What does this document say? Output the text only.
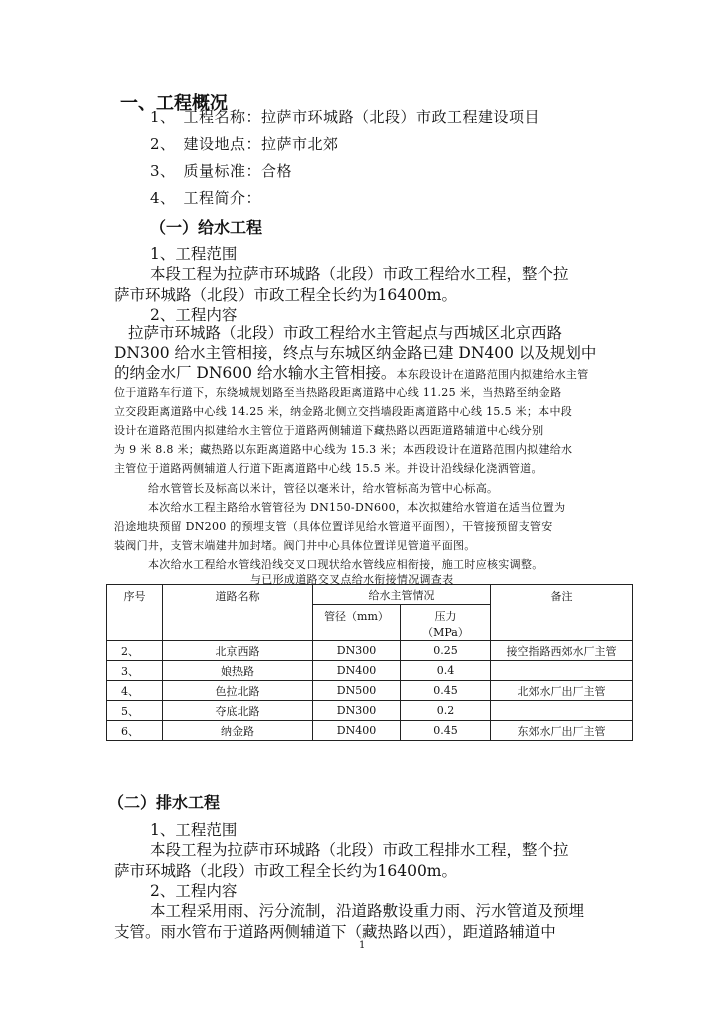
一、工程概况
1、　工程名称：拉萨市环城路（北段）市政工程建设项目
2、　建设地点：拉萨市北郊
3、　质量标准：合格
4、　工程简介：
（一）给水工程
1、工程范围
本段工程为拉萨市环城路（北段）市政工程给水工程，整个拉
萨市环城路（北段）市政工程全长约为16400m。
2、工程内容
拉萨市环城路（北段）市政工程给水主管起点与西城区北京西路
DN300 给水主管相接，终点与东城区纳金路已建 DN400 以及规划中
的纳金水厂 DN600 给水输水主管相接。本东段设计在道路范围内拟建给水主管
位于道路车行道下，东绕城规划路至当热路段距离道路中心线 11.25 米，当热路至纳金路
立交段距离道路中心线 14.25 米，纳金路北侧立交挡墙段距离道路中心线 15.5 米；本中段
设计在道路范围内拟建给水主管位于道路两侧辅道下藏热路以西距道路辅道中心线分别
为 9 米 8.8 米；藏热路以东距离道路中心线为 15.3 米；本西段设计在道路范围内拟建给水
主管位于道路两侧辅道人行道下距离道路中心线 15.5 米。并设计沿线绿化浇洒管道。
给水管管长及标高以米计，管径以毫米计，给水管标高为管中心标高。
本次给水工程主路给水管管径为 DN150-DN600，本次拟建给水管道在适当位置为
沿途地块预留 DN200 的预埋支管（具体位置详见给水管道平面图），干管接预留支管安
装阀门井，支管末端建井加封堵。阀门井中心具体位置详见管道平面图。
本次给水工程给水管线沿线交叉口现状给水管线应相衔接，施工时应核实调整。
与已形成道路交叉点给水衔接情况调查表
序号	道路名称	给水主管情况		备注
		管径（mm）	压力（MPa）	
2、	北京西路	DN300	0.25	接空指路西郊水厂主管
3、	娘热路	DN400	0.4	
4、	色拉北路	DN500	0.45	北郊水厂出厂主管
5、	夺底北路	DN300	0.2	
6、	纳金路	DN400	0.45	东郊水厂出厂主管
（二）排水工程
1、工程范围
本段工程为拉萨市环城路（北段）市政工程排水工程，整个拉
萨市环城路（北段）市政工程全长约为16400m。
2、工程内容
本工程采用雨、污分流制，沿道路敷设重力雨、污水管道及预埋
支管。雨水管布于道路两侧辅道下（藏热路以西），距道路辅道中
1
